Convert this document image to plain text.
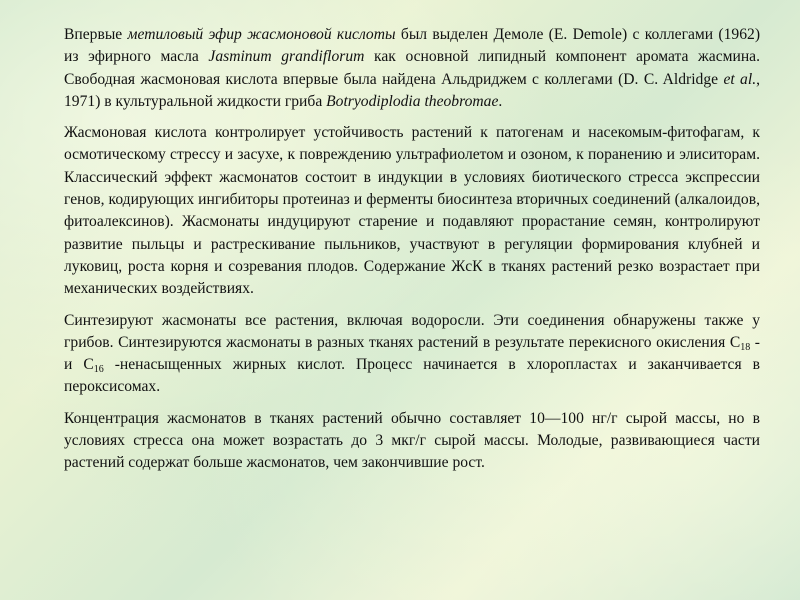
Впервые метиловый эфир жасмоновой кислоты был выделен Демоле (E. Demole) с коллегами (1962) из эфирного масла Jasminum grandiflorum как основной липидный компонент аромата жасмина. Свободная жасмоновая кислота впервые была найдена Альдриджем с коллегами (D. C. Aldridge et al., 1971) в культуральной жидкости гриба Botryodiplodia theobromae.

Жасмоновая кислота контролирует устойчивость растений к патогенам и насекомым-фитофагам, к осмотическому стрессу и засухе, к повреждению ультрафиолетом и озоном, к поранению и элиситорам. Классический эффект жасмонатов состоит в индукции в условиях биотического стресса экспрессии генов, кодирующих ингибиторы протеиназ и ферменты биосинтеза вторичных соединений (алкалоидов, фитоалексинов). Жасмонаты индуцируют старение и подавляют прорастание семян, контролируют развитие пыльцы и растрескивание пыльников, участвуют в регуляции формирования клубней и луковиц, роста корня и созревания плодов. Содержание ЖсК в тканях растений резко возрастает при механических воздействиях.

Синтезируют жасмонаты все растения, включая водоросли. Эти соединения обнаружены также у грибов. Синтезируются жасмонаты в разных тканях растений в результате перекисного окисления $С_{18}$ - и $С_{16}$ -ненасыщенных жирных кислот. Процесс начинается в хлоропластах и заканчивается в пероксисомах.

Концентрация жасмонатов в тканях растений обычно составляет 10—100 нг/г сырой массы, но в условиях стресса она может возрастать до 3 мкг/г сырой массы. Молодые, развивающиеся части растений содержат больше жасмонатов, чем закончившие рост.
